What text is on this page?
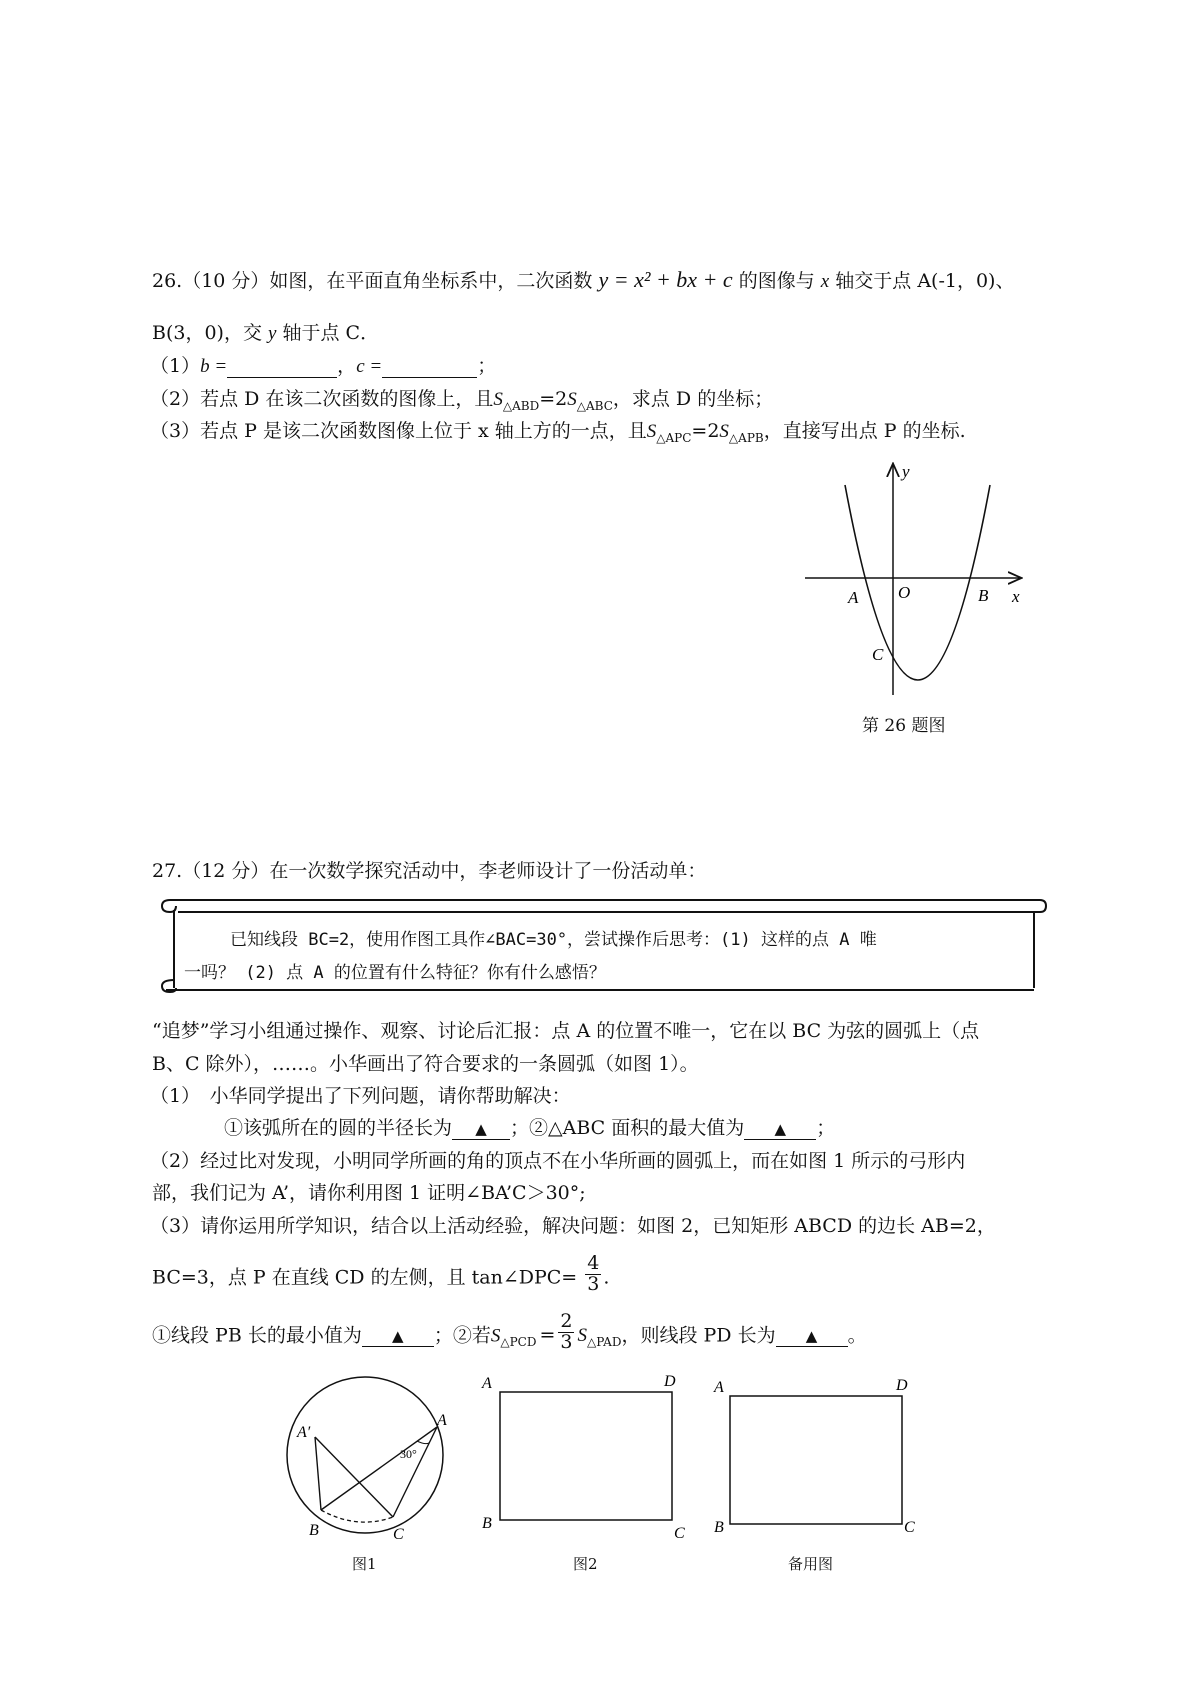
26.（10 分）如图，在平面直角坐标系中，二次函数 y = x² + bx + c 的图像与 x 轴交于点 A(-1，0)、
B(3，0)，交 y 轴于点 C．
（1）b =	，c =	；
（2）若点 D 在该二次函数的图像上，且$S_{\triangle ABD}=2S_{\triangle ABC}$，求点 D 的坐标；
（3）若点 P 是该二次函数图像上位于 x 轴上方的一点，且$S_{\triangle APC}=2S_{\triangle APB}$，直接写出点 P 的坐标.
y
x
A O	B
C
第 26 题图
27.（12 分）在一次数学探究活动中，李老师设计了一份活动单：
已知线段 BC=2，使用作图工具作∠BAC=30°，尝试操作后思考：(1) 这样的点 A 唯
一吗？ (2) 点 A 的位置有什么特征？你有什么感悟？
“追梦”学习小组通过操作、观察、讨论后汇报：点 A 的位置不唯一，它在以 BC 为弦的圆弧上（点
B、C 除外），……。小华画出了符合要求的一条圆弧（如图 1）。
（1）　小华同学提出了下列问题，请你帮助解决：
①该弧所在的圆的半径长为 ▲ ；②△ABC 面积的最大值为 ▲ ；
（2）经过比对发现，小明同学所画的角的顶点不在小华所画的圆弧上，而在如图 1 所示的弓形内
部，我们记为 A’，请你利用图 1 证明∠BA’C＞30°;
（3）请你运用所学知识，结合以上活动经验，解决问题：如图 2，已知矩形 ABCD 的边长 AB=2，
BC=3，点 P 在直线 CD 的左侧，且 tan∠DPC= $\frac{4}{3}$ .
①线段 PB 长的最小值为 ▲ ；②若$S_{\triangle PCD} = \frac{2}{3} S_{\triangle PAD}$，则线段 PD 长为 ▲ 。
A
A′
30°
B	C
图1
A	D
B
C
图2
A	D
B	C
备用图
